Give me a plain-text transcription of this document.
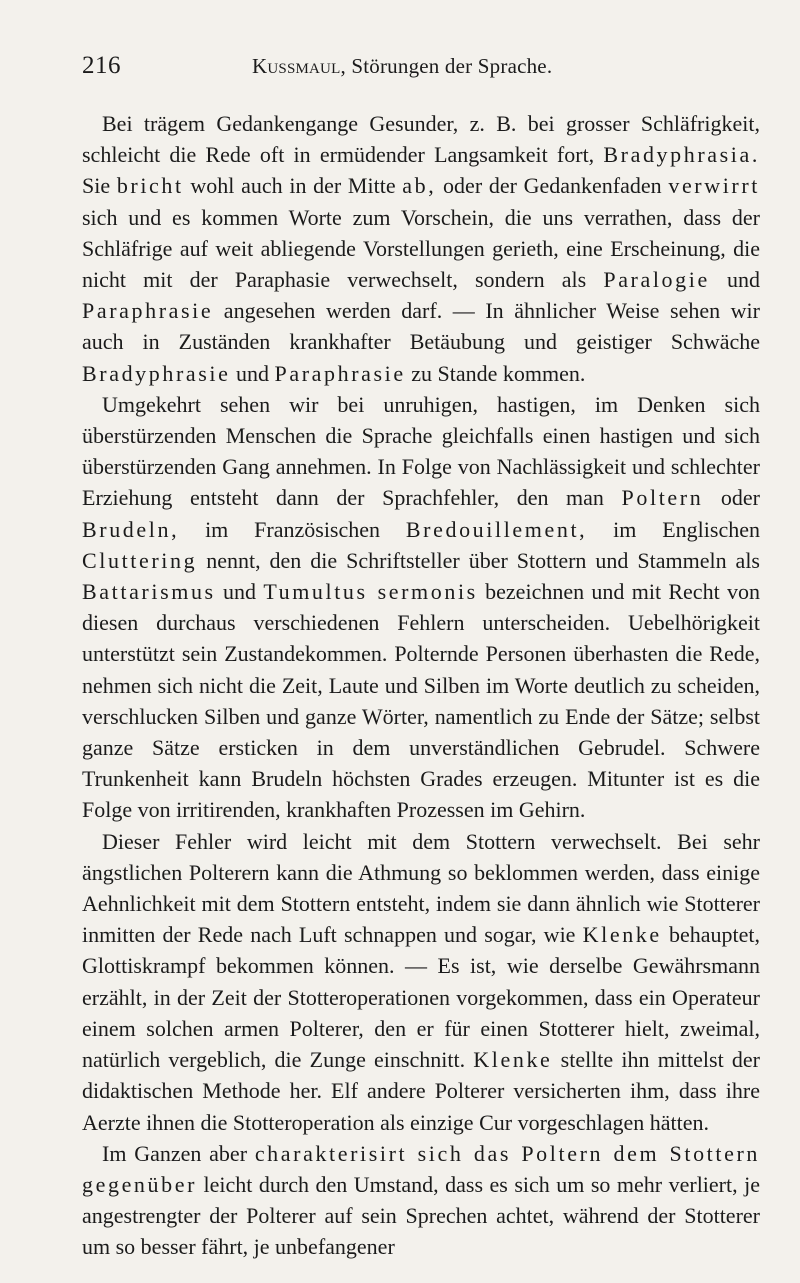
216	Kussmaul, Störungen der Sprache.

Bei trägem Gedankengange Gesunder, z. B. bei grosser Schläfrigkeit, schleicht die Rede oft in ermüdender Langsamkeit fort, Bradyphrasia. Sie bricht wohl auch in der Mitte ab, oder der Gedankenfaden verwirrt sich und es kommen Worte zum Vorschein, die uns verrathen, dass der Schläfrige auf weit abliegende Vorstellungen gerieth, eine Erscheinung, die nicht mit der Paraphasie verwechselt, sondern als Paralogie und Paraphrasie angesehen werden darf. — In ähnlicher Weise sehen wir auch in Zuständen krankhafter Betäubung und geistiger Schwäche Bradyphrasie und Paraphrasie zu Stande kommen.

Umgekehrt sehen wir bei unruhigen, hastigen, im Denken sich überstürzenden Menschen die Sprache gleichfalls einen hastigen und sich überstürzenden Gang annehmen. In Folge von Nachlässigkeit und schlechter Erziehung entsteht dann der Sprachfehler, den man Poltern oder Brudeln, im Französischen Bredouillement, im Englischen Cluttering nennt, den die Schriftsteller über Stottern und Stammeln als Battarismus und Tumultus sermonis bezeichnen und mit Recht von diesen durchaus verschiedenen Fehlern unterscheiden. Uebelhörigkeit unterstützt sein Zustandekommen. Polternde Personen überhasten die Rede, nehmen sich nicht die Zeit, Laute und Silben im Worte deutlich zu scheiden, verschlucken Silben und ganze Wörter, namentlich zu Ende der Sätze; selbst ganze Sätze ersticken in dem unverständlichen Gebrudel. Schwere Trunkenheit kann Brudeln höchsten Grades erzeugen. Mitunter ist es die Folge von irritirenden, krankhaften Prozessen im Gehirn.

Dieser Fehler wird leicht mit dem Stottern verwechselt. Bei sehr ängstlichen Polterern kann die Athmung so beklommen werden, dass einige Aehnlichkeit mit dem Stottern entsteht, indem sie dann ähnlich wie Stotterer inmitten der Rede nach Luft schnappen und sogar, wie Klenke behauptet, Glottiskrampf bekommen können. — Es ist, wie derselbe Gewährsmann erzählt, in der Zeit der Stotteroperationen vorgekommen, dass ein Operateur einem solchen armen Polterer, den er für einen Stotterer hielt, zweimal, natürlich vergeblich, die Zunge einschnitt. Klenke stellte ihn mittelst der didaktischen Methode her. Elf andere Polterer versicherten ihm, dass ihre Aerzte ihnen die Stotteroperation als einzige Cur vorgeschlagen hätten.

Im Ganzen aber charakterisirt sich das Poltern dem Stottern gegenüber leicht durch den Umstand, dass es sich um so mehr verliert, je angestrengter der Polterer auf sein Sprechen achtet, während der Stotterer um so besser fährt, je unbefangener
